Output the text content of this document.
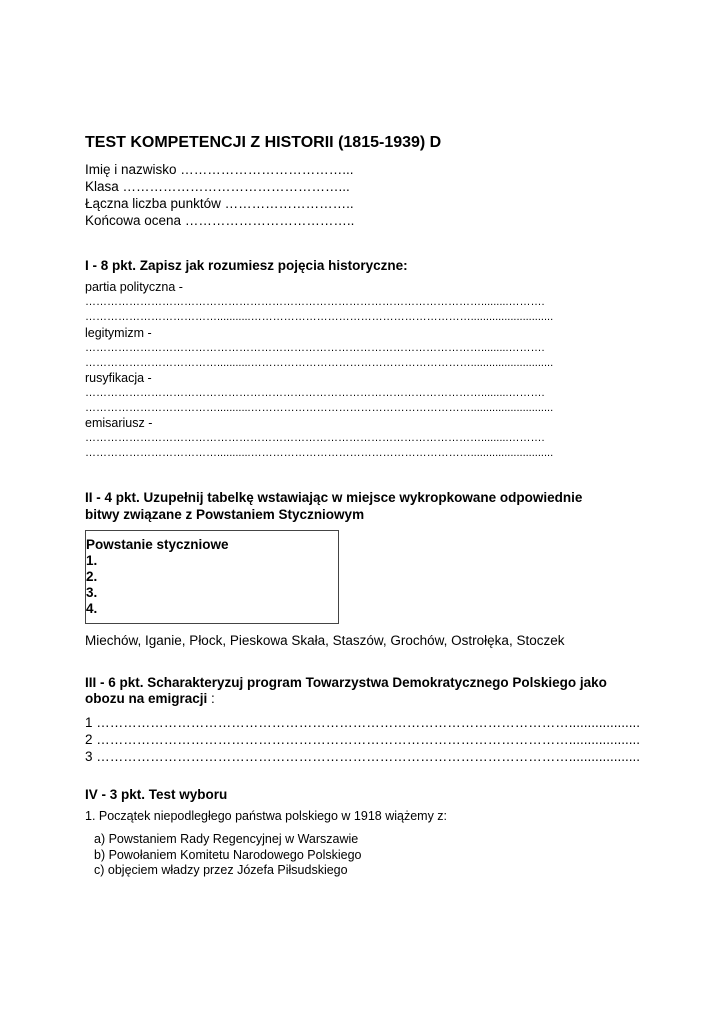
TEST KOMPETENCJI Z HISTORII (1815-1939) D
Imię i nazwisko ………………………………...
Klasa …………………………………………...
Łączna liczba punktów ………………………..
Końcowa ocena ………………………………..
I - 8 pkt. Zapisz jak rozumiesz pojęcia historyczne:
partia polityczna -
……………………………………………………………………………………………….........……….
………………………………...........……………………………………………………...........................
legitymizm -
……………………………………………………………………………………………….........……….
………………………………...........……………………………………………………...........................
rusyfikacja -
……………………………………………………………………………………………….........……….
………………………………...........……………………………………………………...........................
emisariusz -
……………………………………………………………………………………………….........……….
………………………………...........……………………………………………………...........................
II - 4 pkt. Uzupełnij tabelkę wstawiając w miejsce wykropkowane odpowiednie
bitwy związane z Powstaniem Styczniowym
Powstanie styczniowe
1.
2.
3.
4.
Miechów, Iganie, Płock, Pieskowa Skała, Staszów, Grochów, Ostrołęka, Stoczek
III - 6 pkt. Scharakteryzuj program Towarzystwa Demokratycznego Polskiego jako
obozu na emigracji :
1 ……………………………………………………………………………………………...................
2 ……………………………………………………………………………………………...................
3 ……………………………………………………………………………………………...................
IV - 3 pkt. Test wyboru
1. Początek niepodległego państwa polskiego w 1918 wiążemy z:
a) Powstaniem Rady Regencyjnej w Warszawie
b) Powołaniem Komitetu Narodowego Polskiego
c) objęciem władzy przez Józefa Piłsudskiego
